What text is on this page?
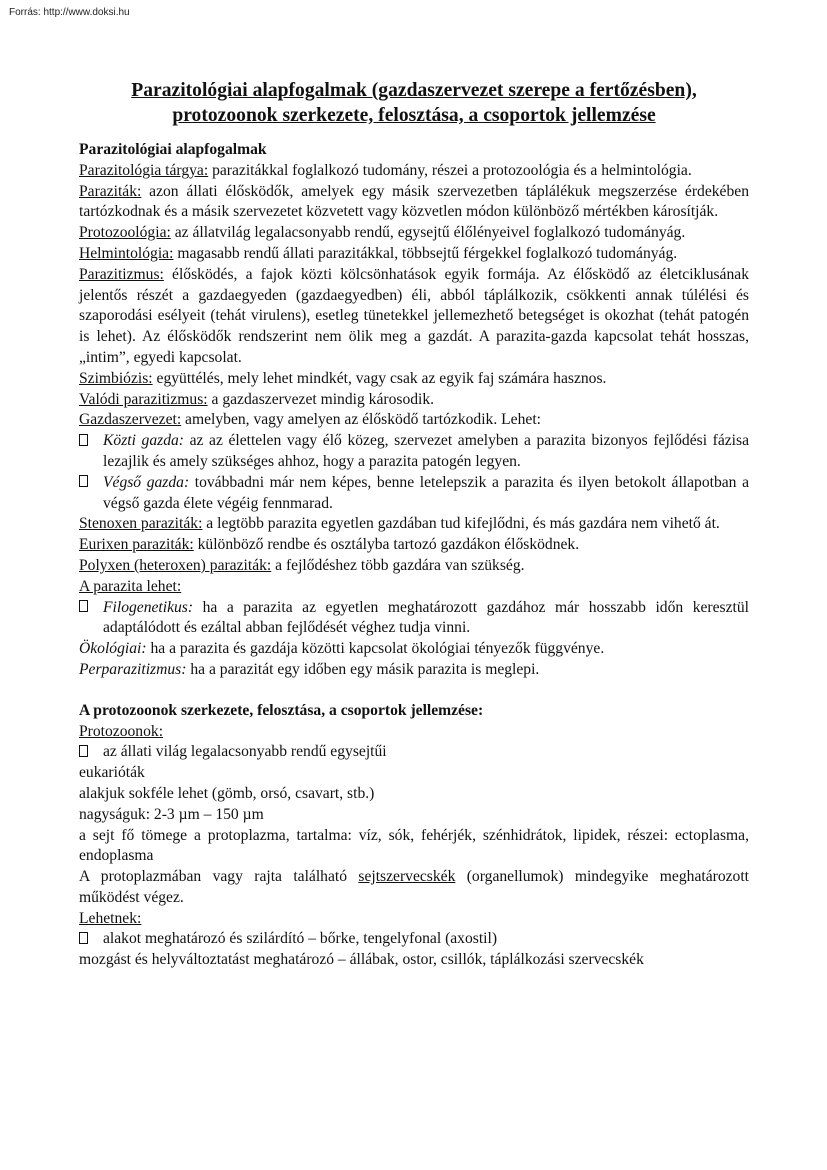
Forrás: http://www.doksi.hu
Parazitológiai alapfogalmak (gazdaszervezet szerepe a fertőzésben),
protozoonok szerkezete, felosztása, a csoportok jellemzése
Parazitológiai alapfogalmak

Parazitológia tárgya: parazitákkal foglalkozó tudomány, részei a protozoológia és a helmintológia.

Paraziták: azon állati élősködők, amelyek egy másik szervezetben táplálékuk megszerzése érdekében tartózkodnak és a másik szervezetet közvetett vagy közvetlen módon különböző mértékben károsítják.

Protozoológia: az állatvilág legalacsonyabb rendű, egysejtű élőlényeivel foglalkozó tudományág.

Helmintológia: magasabb rendű állati parazitákkal, többsejtű férgekkel foglalkozó tudományág.

Parazitizmus: élősködés, a fajok közti kölcsönhatások egyik formája. Az élősködő az életciklusának jelentős részét a gazdaegyeden (gazdaegyedben) éli, abból táplálkozik, csökkenti annak túlélési és szaporodási esélyeit (tehát virulens), esetleg tünetekkel jellemezhető betegséget is okozhat (tehát patogén is lehet). Az élősködők rendszerint nem ölik meg a gazdát. A parazita-gazda kapcsolat tehát hosszas, „intim”, egyedi kapcsolat.

Szimbiózis: együttélés, mely lehet mindkét, vagy csak az egyik faj számára hasznos.

Valódi parazitizmus: a gazdaszervezet mindig károsodik.

Gazdaszervezet: amelyben, vagy amelyen az élősködő tartózkodik. Lehet:

Közti gazda: az az élettelen vagy élő közeg, szervezet amelyben a parazita bizonyos fejlődési fázisa lezajlik és amely szükséges ahhoz, hogy a parazita patogén legyen.
Végső gazda: továbbadni már nem képes, benne letelepszik a parazita és ilyen betokolt állapotban a végső gazda élete végéig fennmarad.

Stenoxen paraziták: a legtöbb parazita egyetlen gazdában tud kifejlődni, és más gazdára nem vihető át.

Eurixen paraziták: különböző rendbe és osztályba tartozó gazdákon élősködnek.

Polyxen (heteroxen) paraziták: a fejlődéshez több gazdára van szükség.

A parazita lehet:

Filogenetikus: ha a parazita az egyetlen meghatározott gazdához már hosszabb időn keresztül adaptálódott és ezáltal abban fejlődését véghez tudja vinni.

Ökológiai: ha a parazita és gazdája közötti kapcsolat ökológiai tényezők függvénye.

Perparazitizmus: ha a parazitát egy időben egy másik parazita is meglepi.

A protozoonok szerkezete, felosztása, a csoportok jellemzése:

Protozoonok:

az állati világ legalacsonyabb rendű egysejtűi

eukarióták

alakjuk sokféle lehet (gömb, orsó, csavart, stb.)

nagyságuk: 2-3 µm – 150 µm

a sejt fő tömege a protoplazma, tartalma: víz, sók, fehérjék, szénhidrátok, lipidek, részei: ectoplasma, endoplasma

A protoplazmában vagy rajta található sejtszervecskék (organellumok) mindegyike meghatározott működést végez.

Lehetnek:

alakot meghatározó és szilárdító – bőrke, tengelyfonal (axostil)

mozgást és helyváltoztatást meghatározó – állábak, ostor, csillók, táplálkozási szervecskék
